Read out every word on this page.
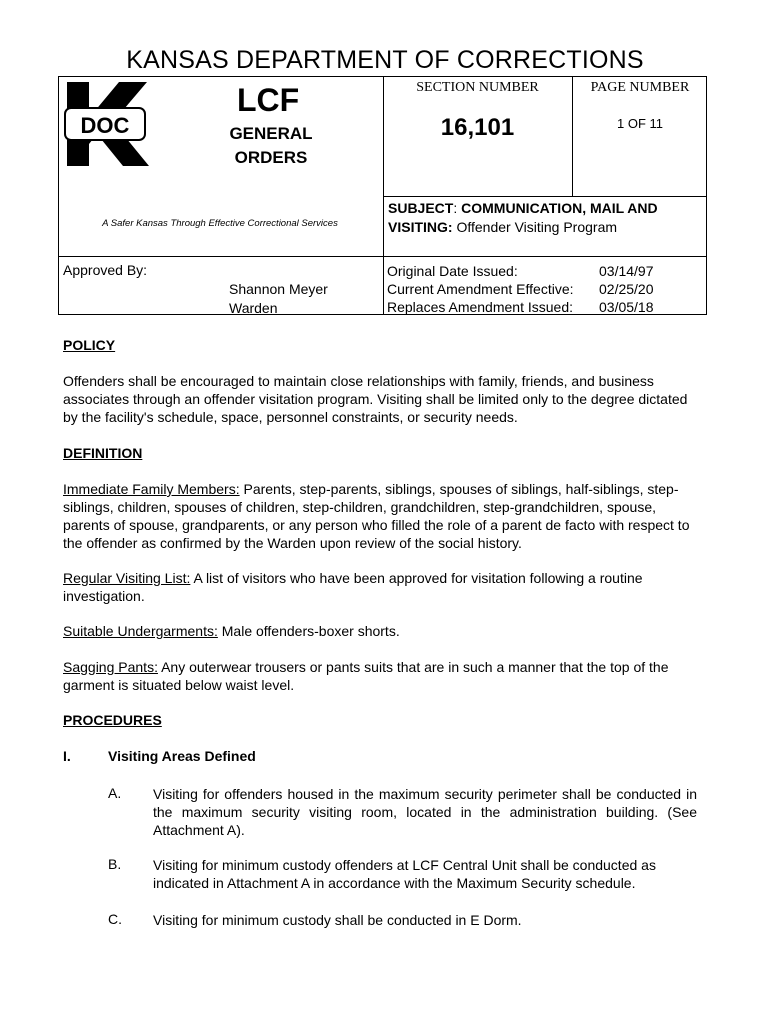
KANSAS DEPARTMENT OF CORRECTIONS
DOC
LCF
GENERAL
ORDERS
A Safer Kansas Through Effective Correctional Services
SECTION NUMBER	PAGE NUMBER
16,101	1 OF 11
SUBJECT: COMMUNICATION, MAIL AND
VISITING: Offender Visiting Program
Approved By:
Shannon Meyer
Warden
Original Date Issued:	03/14/97
Current Amendment Effective: 02/25/20
Replaces Amendment Issued: 03/05/18
POLICY
Offenders shall be encouraged to maintain close relationships with family, friends, and business associates through an offender visitation program. Visiting shall be limited only to the degree dictated by the facility's schedule, space, personnel constraints, or security needs.
DEFINITION
Immediate Family Members: Parents, step-parents, siblings, spouses of siblings, half-siblings, step-siblings, children, spouses of children, step-children, grandchildren, step-grandchildren, spouse, parents of spouse, grandparents, or any person who filled the role of a parent de facto with respect to the offender as confirmed by the Warden upon review of the social history.
Regular Visiting List: A list of visitors who have been approved for visitation following a routine investigation.
Suitable Undergarments: Male offenders-boxer shorts.
Sagging Pants: Any outerwear trousers or pants suits that are in such a manner that the top of the garment is situated below waist level.
PROCEDURES
I.	Visiting Areas Defined
A. Visiting for offenders housed in the maximum security perimeter shall be conducted in the maximum security visiting room, located in the administration building. (See Attachment A).
B. Visiting for minimum custody offenders at LCF Central Unit shall be conducted as indicated in Attachment A in accordance with the Maximum Security schedule.
C. Visiting for minimum custody shall be conducted in E Dorm.
